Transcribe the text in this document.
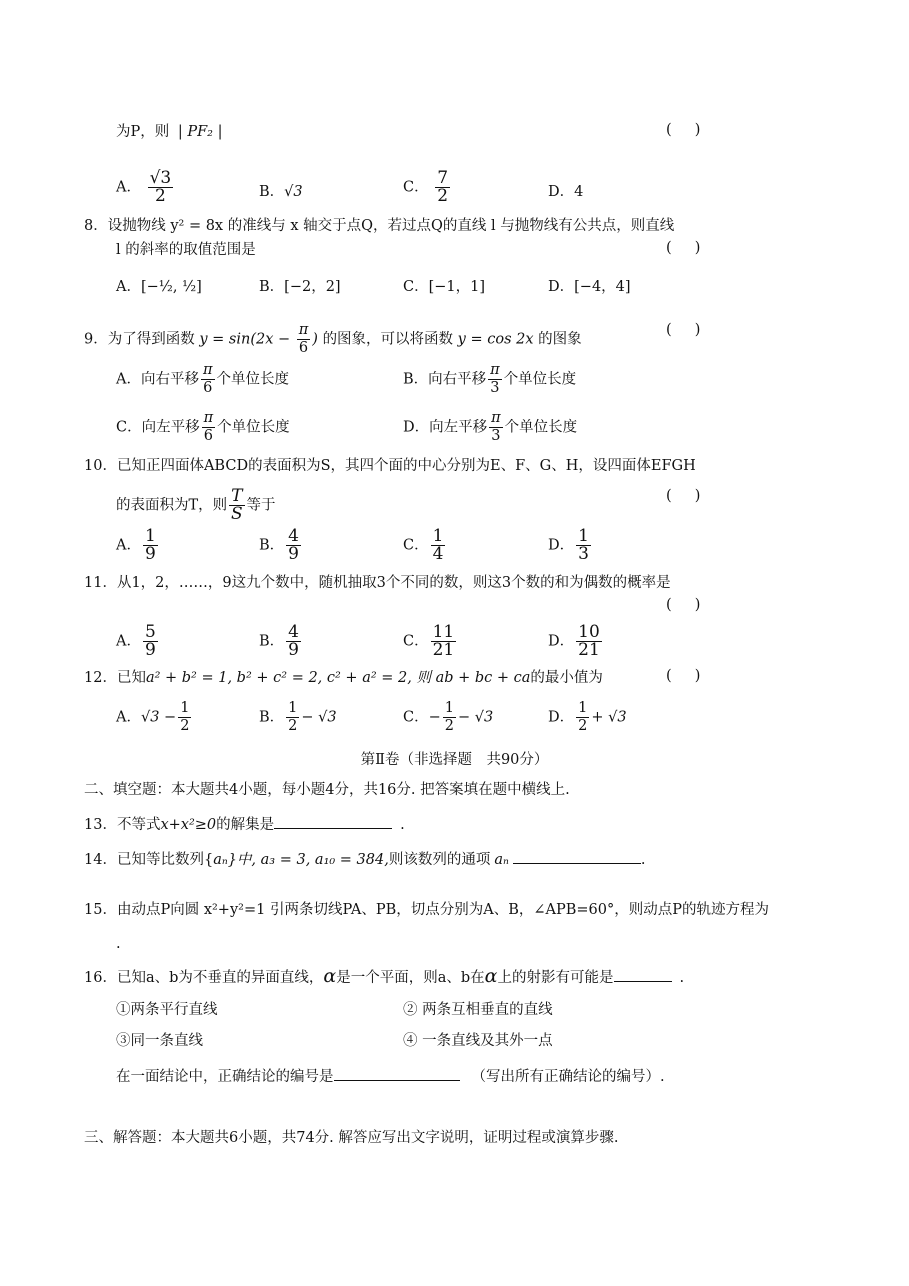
为P，则 | PF₂ |	(     )
A． $\frac{√3}{2}$	B．√3	C． $\frac{7}{2}$	D．4
8．设抛物线 y² = 8x 的准线与 x 轴交于点Q，若过点Q的直线 l 与抛物线有公共点，则直线
l 的斜率的取值范围是	(     )
A．[−½, ½]	B．[−2，2]	C．[−1，1]	D．[−4，4]
9．为了得到函数 $y = \sin(2x - \frac{\pi}{6}$ ) 的图象，可以将函数 y = cos 2x 的图象
(     )
A．向右平移 $\frac{\pi}{6}$ 个单位长度	B．向右平移 $\frac{\pi}{3}$ 个单位长度
C．向左平移 $\frac{\pi}{6}$ 个单位长度	D．向左平移 $\frac{\pi}{3}$ 个单位长度
10．已知正四面体ABCD的表面积为S，其四个面的中心分别为E、F、G、H，设四面体EFGH
的表面积为T，则 $\frac{T}{S}$ 等于
(     )
A． $\frac{1}{9}$	B． $\frac{4}{9}$	C． $\frac{1}{4}$	D． $\frac{1}{3}$
11．从1，2，……，9这九个数中，随机抽取3个不同的数，则这3个数的和为偶数的概率是
(     )
A． $\frac{5}{9}$	B． $\frac{4}{9}$	C． $\frac{11}{21}$	D． $\frac{10}{21}$
12．已知a² + b² = 1, b² + c² = 2, c² + a² = 2, 则 ab + bc + ca的最小值为	(     )
A．$√3 - \frac{1}{2}$	B． $\frac{1}{2} - √3$	C．− $\frac{1}{2} - √3$	D． $\frac{1}{2} + √3$
第Ⅱ卷（非选择题　共90分）
二、填空题：本大题共4小题，每小题4分，共16分. 把答案填在题中横线上.
13．不等式x+x²≥0的解集是	.
14．已知等比数列{aₙ}中, a₃ = 3, a₁₀ = 384,则该数列的通项 aₙ	.
15．由动点P向圆 x²+y²=1 引两条切线PA、PB，切点分别为A、B，∠APB=60°，则动点P的轨迹方程为
.
16．已知a、b为不垂直的异面直线，α是一个平面，则a、b在α上的射影有可能是	.
①两条平行直线	② 两条互相垂直的直线
③同一条直线	④ 一条直线及其外一点
在一面结论中，正确结论的编号是	（写出所有正确结论的编号）.
三、解答题：本大题共6小题，共74分. 解答应写出文字说明，证明过程或演算步骤.
